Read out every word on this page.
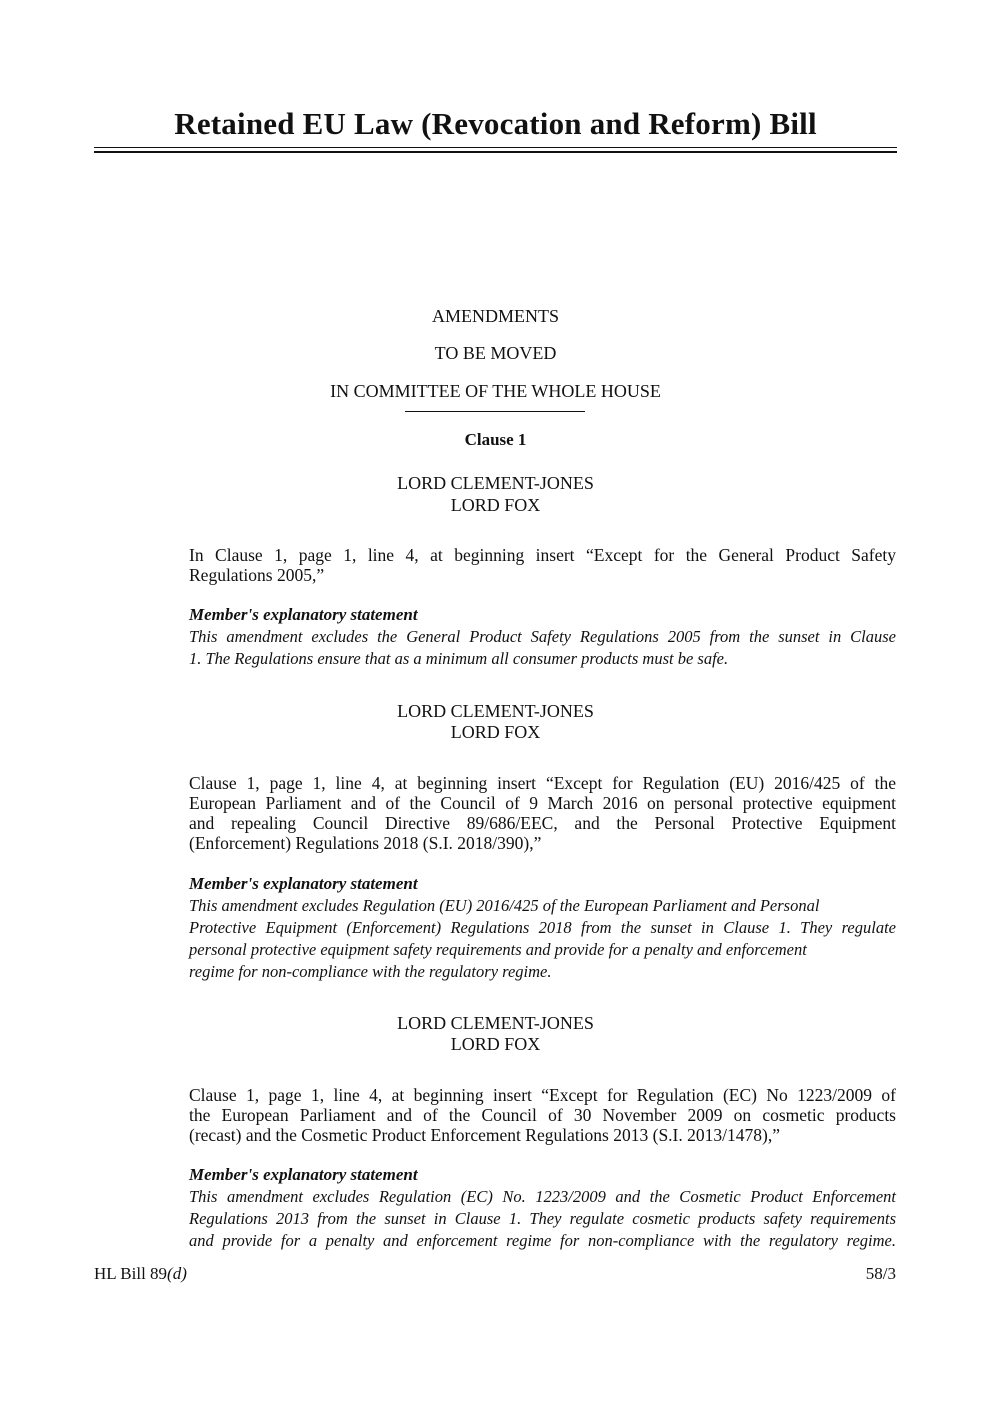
Retained EU Law (Revocation and Reform) Bill
AMENDMENTS
TO BE MOVED
IN COMMITTEE OF THE WHOLE HOUSE
Clause 1
LORD CLEMENT-JONES
LORD FOX
In Clause 1, page 1, line 4, at beginning insert “Except for the General Product Safety
Regulations 2005,”
Member's explanatory statement
This amendment excludes the General Product Safety Regulations 2005 from the sunset in Clause
1. The Regulations ensure that as a minimum all consumer products must be safe.
LORD CLEMENT-JONES
LORD FOX
Clause 1, page 1, line 4, at beginning insert “Except for Regulation (EU) 2016/425 of the
European Parliament and of the Council of 9 March 2016 on personal protective equipment
and repealing Council Directive 89/686/EEC, and the Personal Protective Equipment
(Enforcement) Regulations 2018 (S.I. 2018/390),”
Member's explanatory statement
This amendment excludes Regulation (EU) 2016/425 of the European Parliament and Personal
Protective Equipment (Enforcement) Regulations 2018 from the sunset in Clause 1. They regulate
personal protective equipment safety requirements and provide for a penalty and enforcement
regime for non-compliance with the regulatory regime.
LORD CLEMENT-JONES
LORD FOX
Clause 1, page 1, line 4, at beginning insert “Except for Regulation (EC) No 1223/2009 of
the European Parliament and of the Council of 30 November 2009 on cosmetic products
(recast) and the Cosmetic Product Enforcement Regulations 2013 (S.I. 2013/1478),”
Member's explanatory statement
This amendment excludes Regulation (EC) No. 1223/2009 and the Cosmetic Product Enforcement
Regulations 2013 from the sunset in Clause 1. They regulate cosmetic products safety requirements
and provide for a penalty and enforcement regime for non-compliance with the regulatory regime.
HL Bill 89(d)	58/3
